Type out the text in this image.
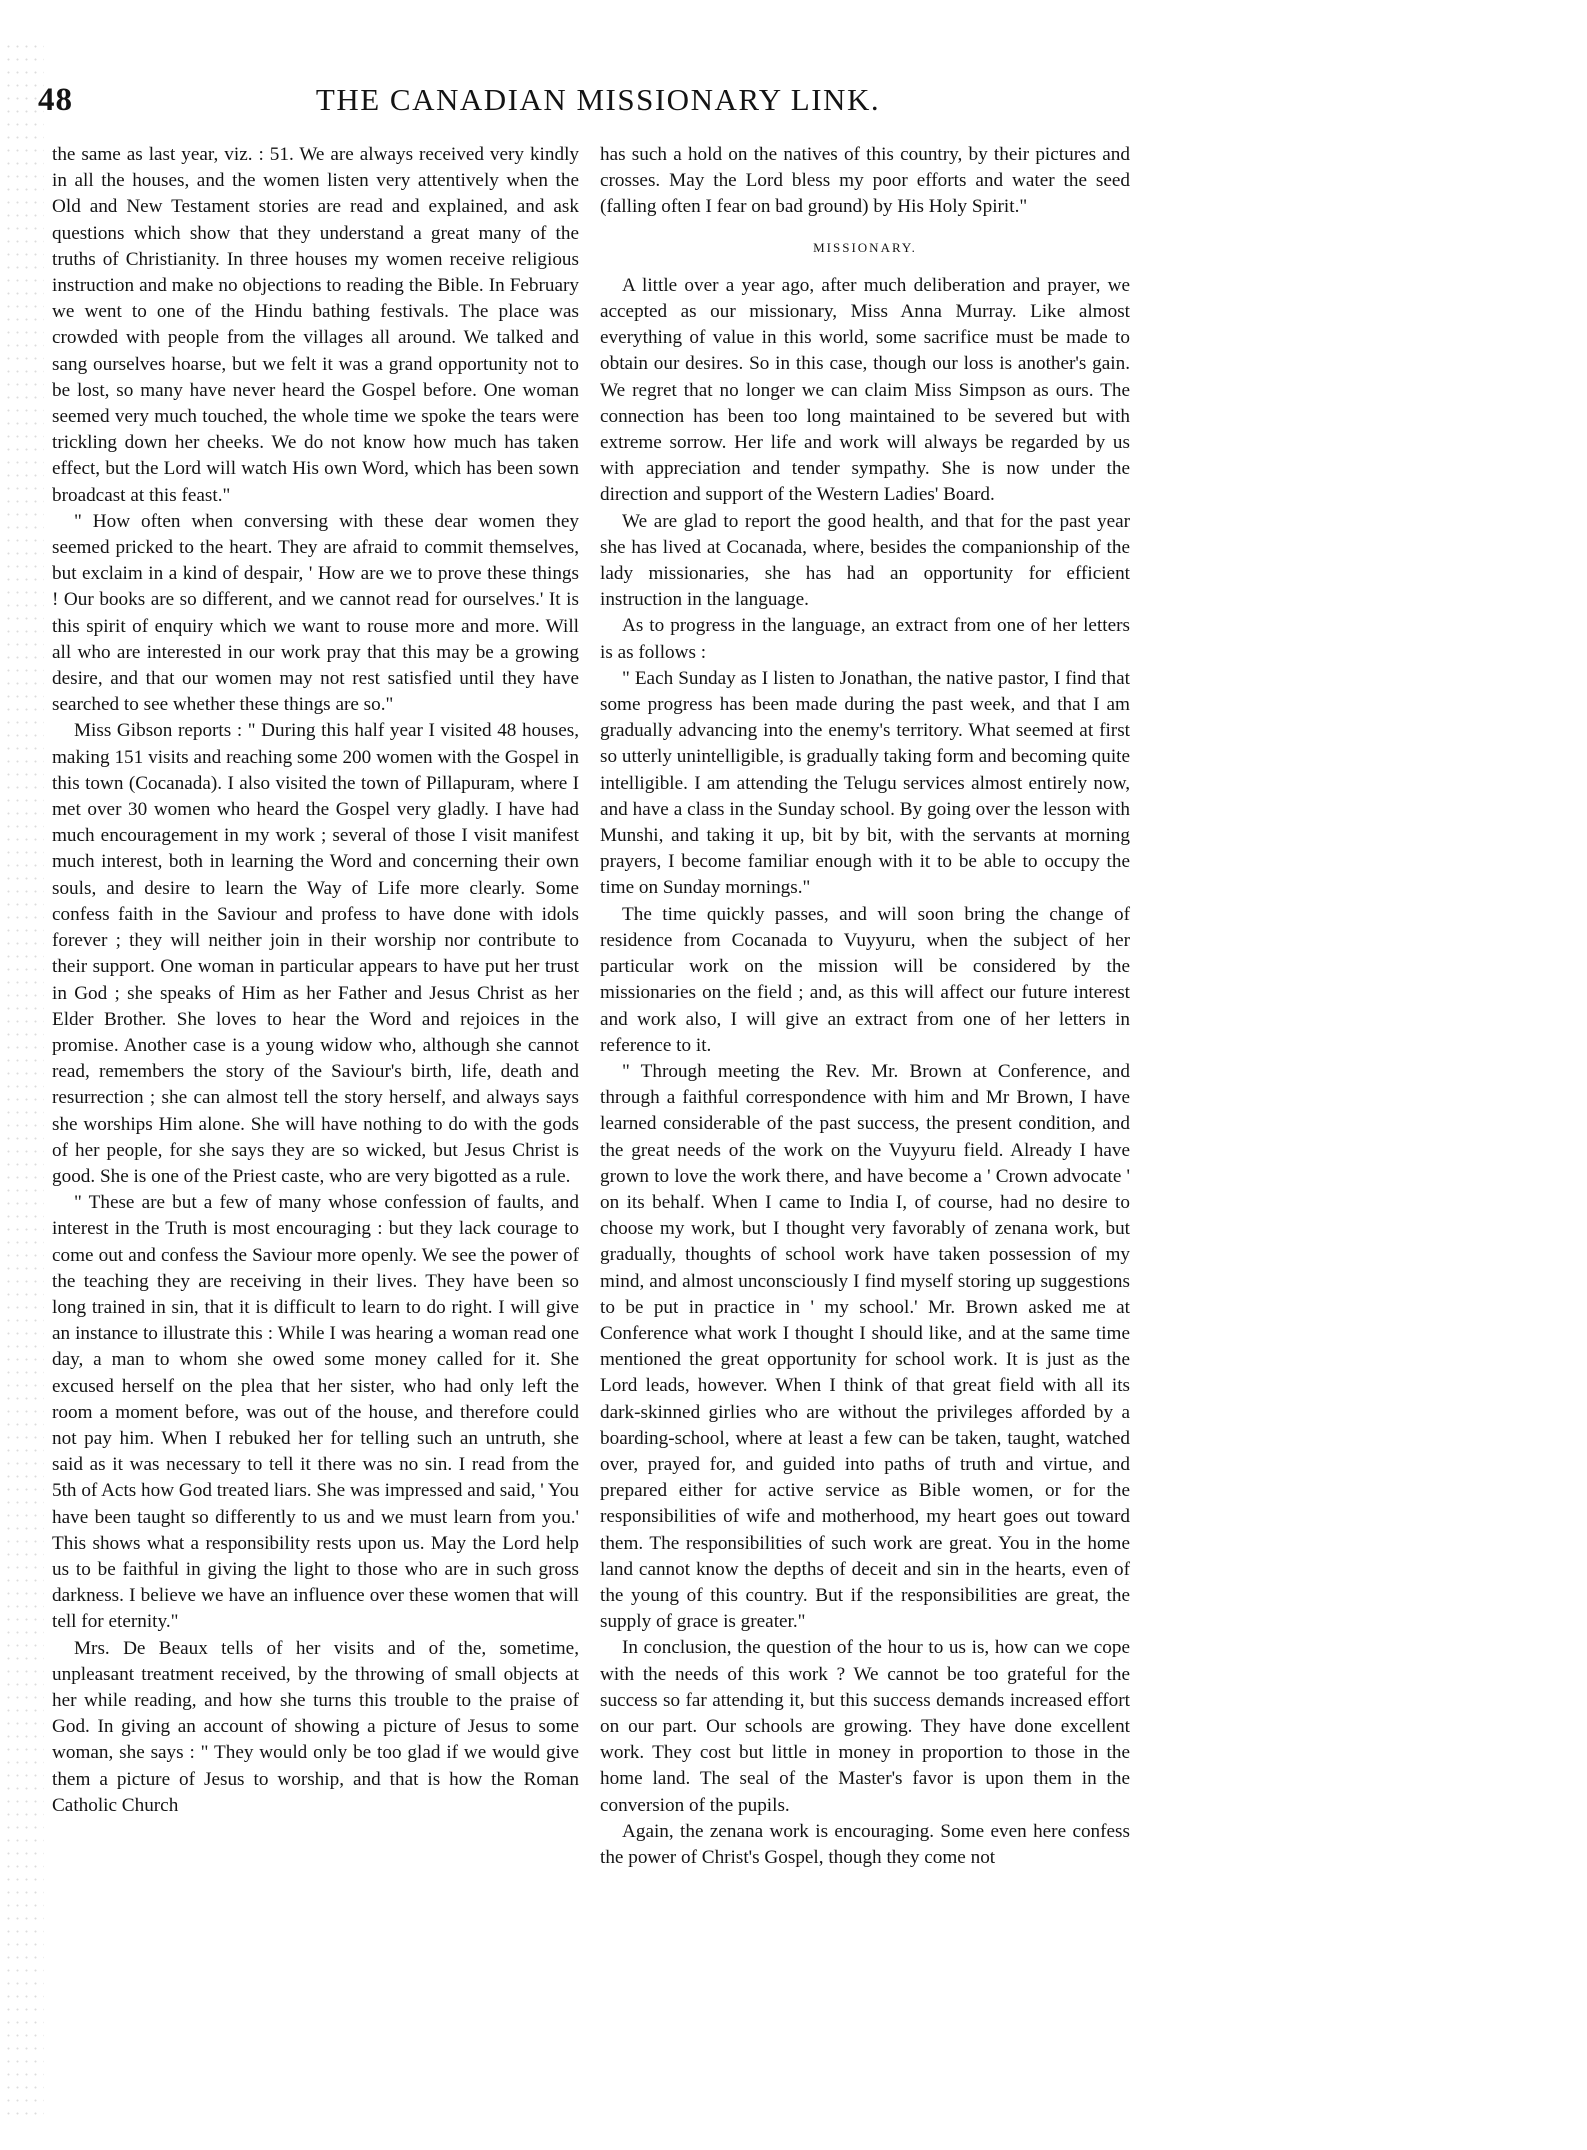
48	THE CANADIAN MISSIONARY LINK.

the same as last year, viz. : 51. We are always received very kindly in all the houses, and the women listen very attentively when the Old and New Testament stories are read and explained, and ask questions which show that they understand a great many of the truths of Christianity. In three houses my women receive religious instruction and make no objections to reading the Bible. In February we went to one of the Hindu bathing festivals. The place was crowded with people from the villages all around. We talked and sang ourselves hoarse, but we felt it was a grand opportunity not to be lost, so many have never heard the Gospel before. One woman seemed very much touched, the whole time we spoke the tears were trickling down her cheeks. We do not know how much has taken effect, but the Lord will watch His own Word, which has been sown broadcast at this feast."

" How often when conversing with these dear women they seemed pricked to the heart. They are afraid to commit themselves, but exclaim in a kind of despair, ' How are we to prove these things ! Our books are so different, and we cannot read for ourselves.' It is this spirit of enquiry which we want to rouse more and more. Will all who are interested in our work pray that this may be a growing desire, and that our women may not rest satisfied until they have searched to see whether these things are so."

Miss Gibson reports : " During this half year I visited 48 houses, making 151 visits and reaching some 200 women with the Gospel in this town (Cocanada). I also visited the town of Pillapuram, where I met over 30 women who heard the Gospel very gladly. I have had much encouragement in my work ; several of those I visit manifest much interest, both in learning the Word and concerning their own souls, and desire to learn the Way of Life more clearly. Some confess faith in the Saviour and profess to have done with idols forever ; they will neither join in their worship nor contribute to their support. One woman in particular appears to have put her trust in God ; she speaks of Him as her Father and Jesus Christ as her Elder Brother. She loves to hear the Word and rejoices in the promise. Another case is a young widow who, although she cannot read, remembers the story of the Saviour's birth, life, death and resurrection ; she can almost tell the story herself, and always says she worships Him alone. She will have nothing to do with the gods of her people, for she says they are so wicked, but Jesus Christ is good. She is one of the Priest caste, who are very bigotted as a rule.

" These are but a few of many whose confession of faults, and interest in the Truth is most encouraging : but they lack courage to come out and confess the Saviour more openly. We see the power of the teaching they are receiving in their lives. They have been so long trained in sin, that it is difficult to learn to do right. I will give an instance to illustrate this : While I was hearing a woman read one day, a man to whom she owed some money called for it. She excused herself on the plea that her sister, who had only left the room a moment before, was out of the house, and therefore could not pay him. When I rebuked her for telling such an untruth, she said as it was necessary to tell it there was no sin. I read from the 5th of Acts how God treated liars. She was impressed and said, ' You have been taught so differently to us and we must learn from you.' This shows what a responsibility rests upon us. May the Lord help us to be faithful in giving the light to those who are in such gross darkness. I believe we have an influence over these women that will tell for eternity."

Mrs. De Beaux tells of her visits and of the, sometime, unpleasant treatment received, by the throwing of small objects at her while reading, and how she turns this trouble to the praise of God. In giving an account of showing a picture of Jesus to some woman, she says : " They would only be too glad if we would give them a picture of Jesus to worship, and that is how the Roman Catholic Church

has such a hold on the natives of this country, by their pictures and crosses. May the Lord bless my poor efforts and water the seed (falling often I fear on bad ground) by His Holy Spirit."

MISSIONARY.

A little over a year ago, after much deliberation and prayer, we accepted as our missionary, Miss Anna Murray. Like almost everything of value in this world, some sacrifice must be made to obtain our desires. So in this case, though our loss is another's gain. We regret that no longer we can claim Miss Simpson as ours. The connection has been too long maintained to be severed but with extreme sorrow. Her life and work will always be regarded by us with appreciation and tender sympathy. She is now under the direction and support of the Western Ladies' Board.

We are glad to report the good health, and that for the past year she has lived at Cocanada, where, besides the companionship of the lady missionaries, she has had an opportunity for efficient instruction in the language.

As to progress in the language, an extract from one of her letters is as follows :

" Each Sunday as I listen to Jonathan, the native pastor, I find that some progress has been made during the past week, and that I am gradually advancing into the enemy's territory. What seemed at first so utterly unintelligible, is gradually taking form and becoming quite intelligible. I am attending the Telugu services almost entirely now, and have a class in the Sunday school. By going over the lesson with Munshi, and taking it up, bit by bit, with the servants at morning prayers, I become familiar enough with it to be able to occupy the time on Sunday mornings."

The time quickly passes, and will soon bring the change of residence from Cocanada to Vuyyuru, when the subject of her particular work on the mission will be considered by the missionaries on the field ; and, as this will affect our future interest and work also, I will give an extract from one of her letters in reference to it.

" Through meeting the Rev. Mr. Brown at Conference, and through a faithful correspondence with him and Mr Brown, I have learned considerable of the past success, the present condition, and the great needs of the work on the Vuyyuru field. Already I have grown to love the work there, and have become a ' Crown advocate ' on its behalf. When I came to India I, of course, had no desire to choose my work, but I thought very favorably of zenana work, but gradually, thoughts of school work have taken possession of my mind, and almost unconsciously I find myself storing up suggestions to be put in practice in ' my school.' Mr. Brown asked me at Conference what work I thought I should like, and at the same time mentioned the great opportunity for school work. It is just as the Lord leads, however. When I think of that great field with all its dark-skinned girlies who are without the privileges afforded by a boarding-school, where at least a few can be taken, taught, watched over, prayed for, and guided into paths of truth and virtue, and prepared either for active service as Bible women, or for the responsibilities of wife and motherhood, my heart goes out toward them. The responsibilities of such work are great. You in the home land cannot know the depths of deceit and sin in the hearts, even of the young of this country. But if the responsibilities are great, the supply of grace is greater."

In conclusion, the question of the hour to us is, how can we cope with the needs of this work ? We cannot be too grateful for the success so far attending it, but this success demands increased effort on our part. Our schools are growing. They have done excellent work. They cost but little in money in proportion to those in the home land. The seal of the Master's favor is upon them in the conversion of the pupils.

Again, the zenana work is encouraging. Some even here confess the power of Christ's Gospel, though they come not
